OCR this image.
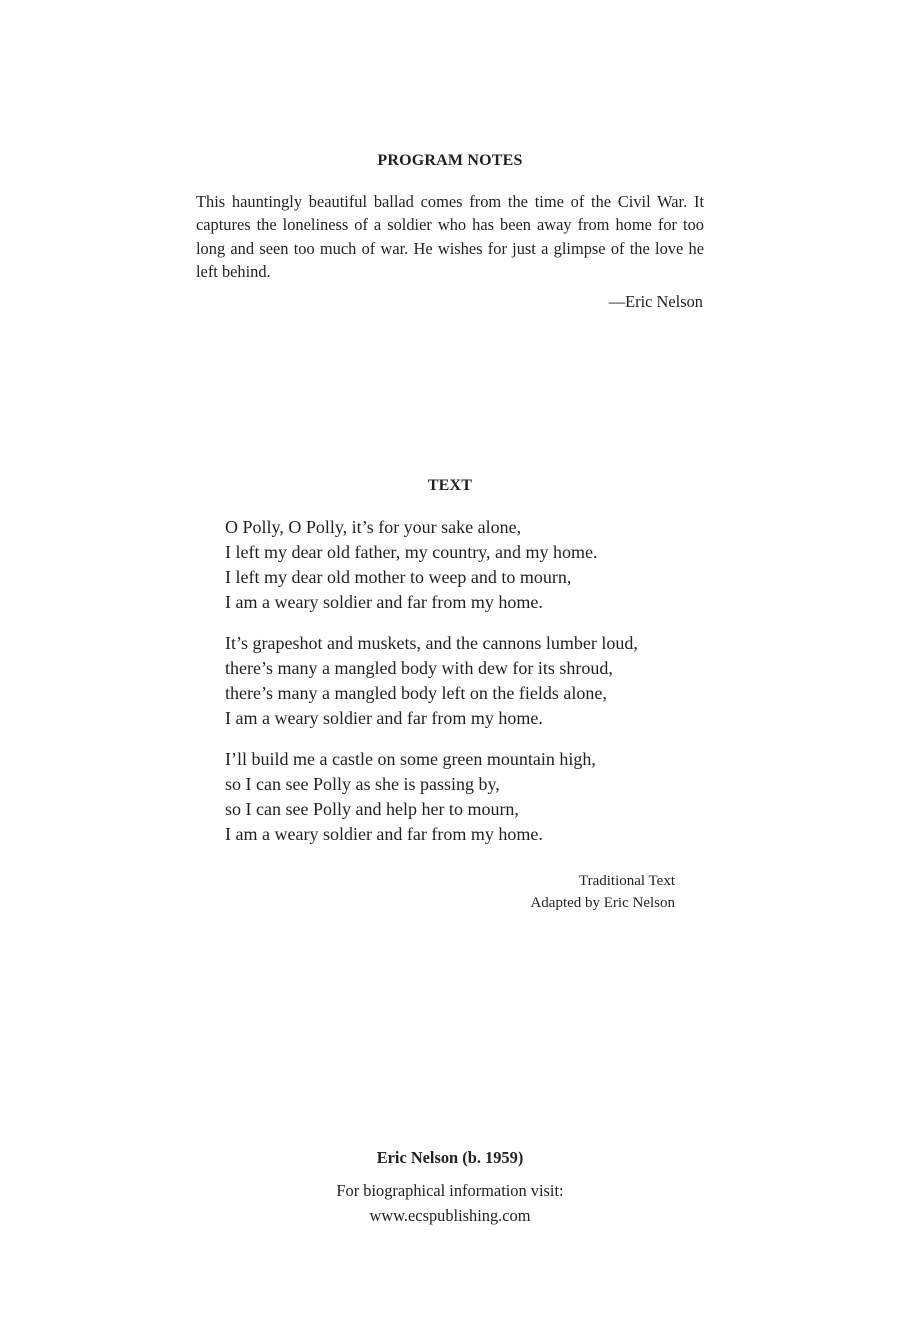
PROGRAM NOTES

This hauntingly beautiful ballad comes from the time of the Civil War. It captures the loneliness of a soldier who has been away from home for too long and seen too much of war. He wishes for just a glimpse of the love he left behind.

—Eric Nelson
TEXT
O Polly, O Polly, it’s for your sake alone,
I left my dear old father, my country, and my home.
I left my dear old mother to weep and to mourn,
I am a weary soldier and far from my home.
It’s grapeshot and muskets, and the cannons lumber loud,
there’s many a mangled body with dew for its shroud,
there’s many a mangled body left on the fields alone,
I am a weary soldier and far from my home.
I’ll build me a castle on some green mountain high,
so I can see Polly as she is passing by,
so I can see Polly and help her to mourn,
I am a weary soldier and far from my home.
Traditional Text
Adapted by Eric Nelson
Eric Nelson (b. 1959)
For biographical information visit:
www.ecspublishing.com
